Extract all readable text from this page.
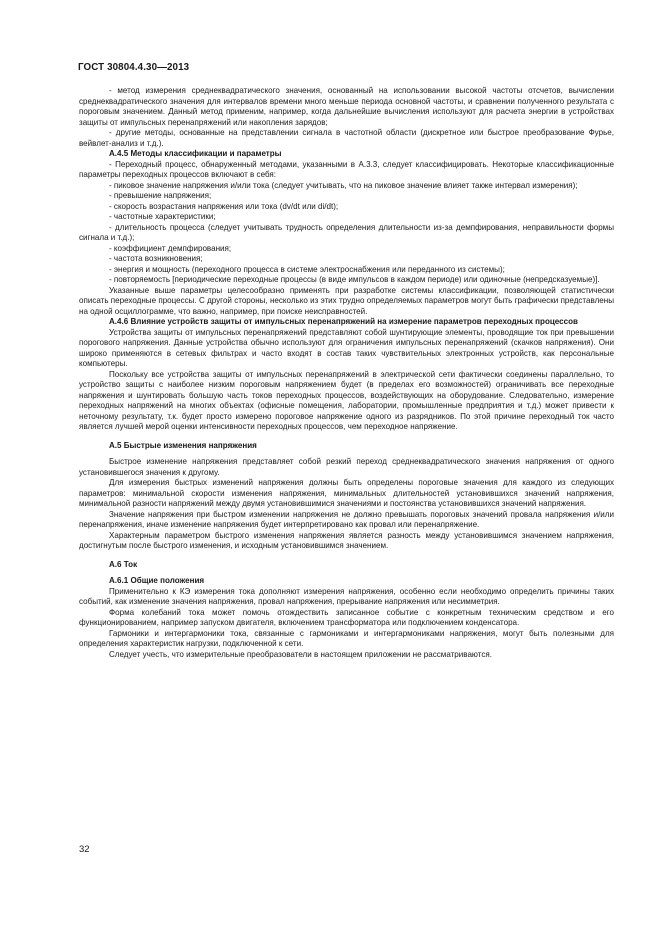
ГОСТ 30804.4.30—2013

- метод измерения среднеквадратического значения, основанный на использовании высокой частоты отсчетов, вычислении среднеквадратического значения для интервалов времени много меньше периода основной частоты, и сравнении полученного результата с пороговым значением. Данный метод применим, например, когда дальнейшие вычисления используют для расчета энергии в устройствах защиты от импульсных перенапряжений или накопления зарядов;

- другие методы, основанные на представлении сигнала в частотной области (дискретное или быстрое преобразование Фурье, вейвлет-анализ и т.д.).

А.4.5 Методы классификации и параметры

- Переходный процесс, обнаруженный методами, указанными в А.3.3, следует классифицировать. Некоторые классификационные параметры переходных процессов включают в себя:

- пиковое значение напряжения и/или тока (следует учитывать, что на пиковое значение влияет также интервал измерения);

- превышение напряжения;

- скорость возрастания напряжения или тока (dv/dt или di/dt);

- частотные характеристики;

- длительность процесса (следует учитывать трудность определения длительности из-за демпфирования, неправильности формы сигнала и т.д.);

- коэффициент демпфирования;

- частота возникновения;

- энергия и мощность (переходного процесса в системе электроснабжения или переданного из системы);

- повторяемость [периодические переходные процессы (в виде импульсов в каждом периоде) или одиночные (непредсказуемые)].

Указанные выше параметры целесообразно применять при разработке системы классификации, позволяющей статистически описать переходные процессы. С другой стороны, несколько из этих трудно определяемых параметров могут быть графически представлены на одной осциллограмме, что важно, например, при поиске неисправностей.

А.4.6 Влияние устройств защиты от импульсных перенапряжений на измерение параметров переходных процессов

Устройства защиты от импульсных перенапряжений представляют собой шунтирующие элементы, проводящие ток при превышении порогового напряжения. Данные устройства обычно используют для ограничения импульсных перенапряжений (скачков напряжения). Они широко применяются в сетевых фильтрах и часто входят в состав таких чувствительных электронных устройств, как персональные компьютеры.

Поскольку все устройства защиты от импульсных перенапряжений в электрической сети фактически соединены параллельно, то устройство защиты с наиболее низким пороговым напряжением будет (в пределах его возможностей) ограничивать все переходные напряжения и шунтировать большую часть токов переходных процессов, воздействующих на оборудование. Следовательно, измерение переходных напряжений на многих объектах (офисные помещения, лаборатории, промышленные предприятия и т.д.) может привести к неточному результату, т.к. будет просто измерено пороговое напряжение одного из разрядников. По этой причине переходный ток часто является лучшей мерой оценки интенсивности переходных процессов, чем переходное напряжение.

А.5 Быстрые изменения напряжения

Быстрое изменение напряжения представляет собой резкий переход среднеквадратического значения напряжения от одного установившегося значения к другому.

Для измерения быстрых изменений напряжения должны быть определены пороговые значения для каждого из следующих параметров: минимальной скорости изменения напряжения, минимальных длительностей установившихся значений напряжения, минимальной разности напряжений между двумя установившимися значениями и постоянства установившихся значений напряжения.

Значение напряжения при быстром изменении напряжения не должно превышать пороговых значений провала напряжения и/или перенапряжения, иначе изменение напряжения будет интерпретировано как провал или перенапряжение.

Характерным параметром быстрого изменения напряжения является разность между установившимся значением напряжения, достигнутым после быстрого изменения, и исходным установившимся значением.

А.6 Ток

А.6.1 Общие положения

Применительно к КЭ измерения тока дополняют измерения напряжения, особенно если необходимо определить причины таких событий, как изменение значения напряжения, провал напряжения, прерывание напряжения или несимметрия.

Форма колебаний тока может помочь отождествить записанное событие с конкретным техническим средством и его функционированием, например запуском двигателя, включением трансформатора или подключением конденсатора.

Гармоники и интергармоники тока, связанные с гармониками и интергармониками напряжения, могут быть полезными для определения характеристик нагрузки, подключенной к сети.

Следует учесть, что измерительные преобразователи в настоящем приложении не рассматриваются.

32
